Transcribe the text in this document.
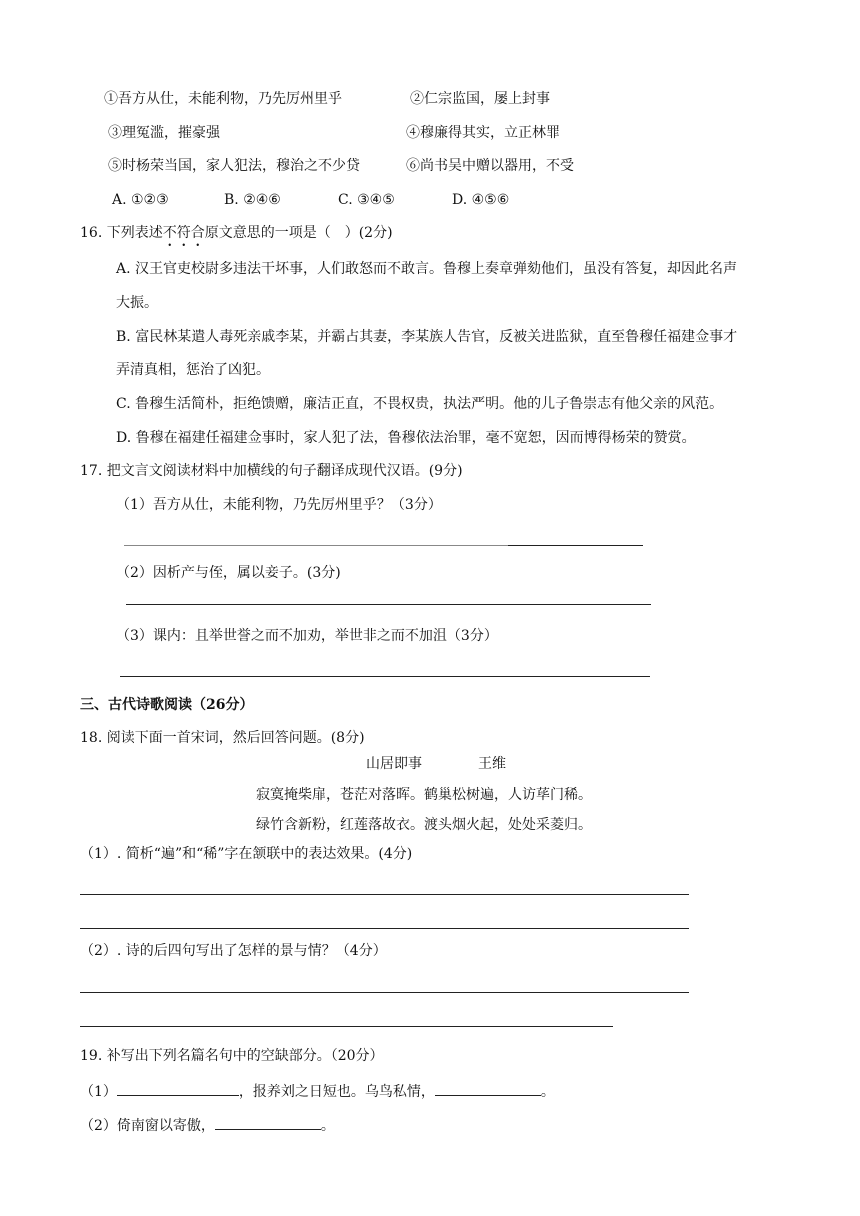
①吾方从仕，未能利物，乃先厉州里乎	②仁宗监国，屡上封事
③理冤滥，摧豪强	④穆廉得其实，立正林罪
⑤时杨荣当国，家人犯法，穆治之不少贷	⑥尚书吴中赠以器用，不受
A. ①②③	B. ②④⑥	C. ③④⑤	D. ④⑤⑥
16. 下列表述不符合原文意思的一项是（　）(2分)
A. 汉王官吏校尉多违法干坏事，人们敢怒而不敢言。鲁穆上奏章弹劾他们，虽没有答复，却因此名声
大振。
B. 富民林某遣人毒死亲戚李某，并霸占其妻，李某族人告官，反被关进监狱，直至鲁穆任福建佥事才
弄清真相，惩治了凶犯。
C. 鲁穆生活简朴，拒绝馈赠，廉洁正直，不畏权贵，执法严明。他的儿子鲁崇志有他父亲的风范。
D. 鲁穆在福建任福建佥事时，家人犯了法，鲁穆依法治罪，毫不宽恕，因而博得杨荣的赞赏。
17. 把文言文阅读材料中加横线的句子翻译成现代汉语。(9分)
（1）吾方从仕，未能利物，乃先厉州里乎？（3分）
（2）因析产与侄，属以妾子。(3分)
（3）课内：且举世誉之而不加劝，举世非之而不加沮（3分）
三、古代诗歌阅读（26分）
18. 阅读下面一首宋词，然后回答问题。(8分)
山居即事	王维
寂寞掩柴扉，苍茫对落晖。鹤巢松树遍，人访荜门稀。
绿竹含新粉，红莲落故衣。渡头烟火起，处处采菱归。
（1）. 简析“遍”和“稀”字在颔联中的表达效果。(4分)
（2）. 诗的后四句写出了怎样的景与情？（4分）
19. 补写出下列名篇名句中的空缺部分。（20分）
（1）	，报养刘之日短也。乌鸟私情，	。
（2）倚南窗以寄傲，	。
